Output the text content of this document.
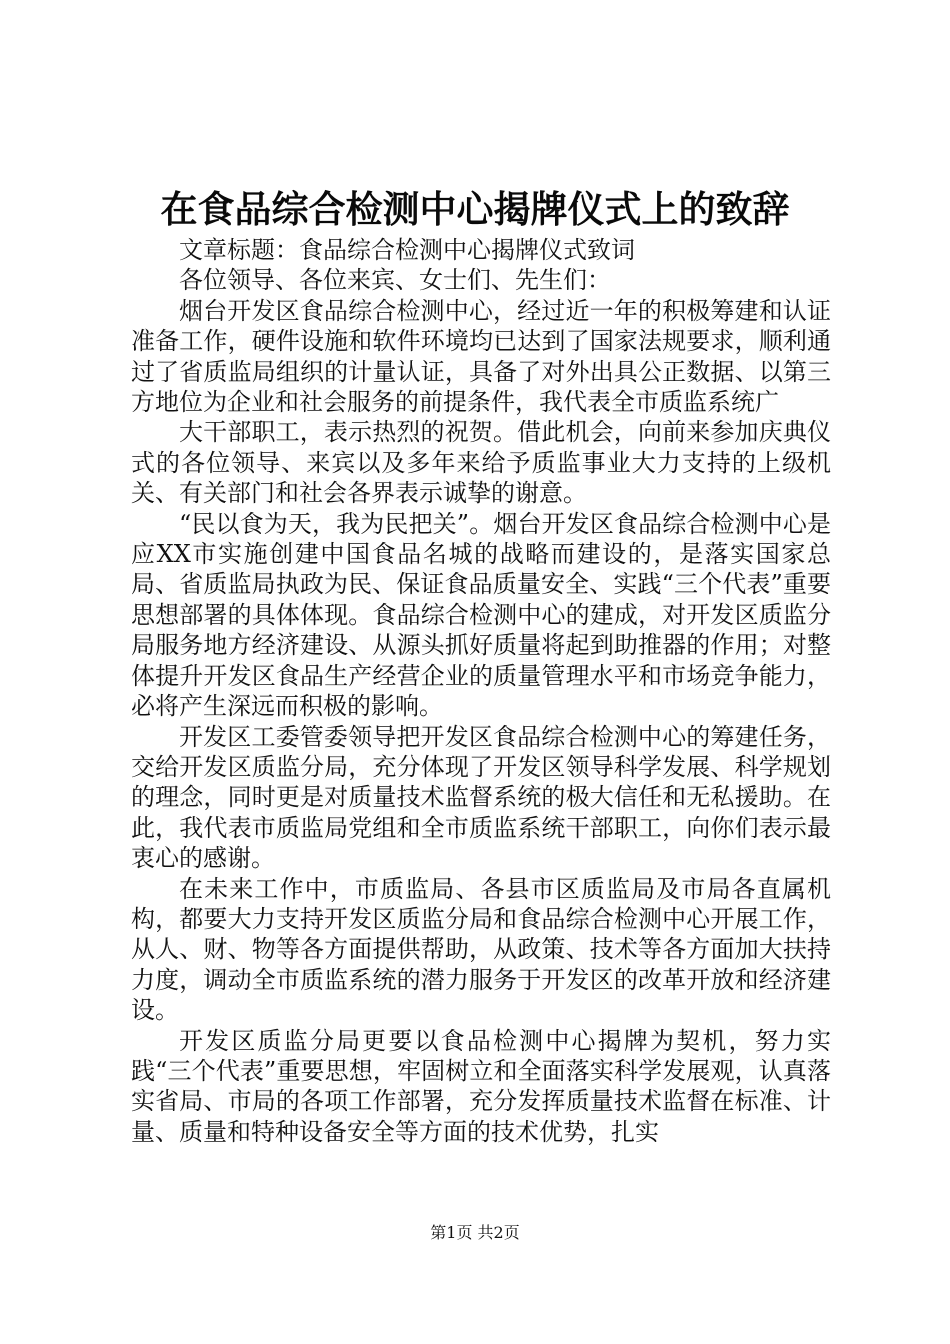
在食品综合检测中心揭牌仪式上的致辞

文章标题：食品综合检测中心揭牌仪式致词

各位领导、各位来宾、女士们、先生们：

烟台开发区食品综合检测中心，经过近一年的积极筹建和认证准备工作，硬件设施和软件环境均已达到了国家法规要求，顺利通过了省质监局组织的计量认证，具备了对外出具公正数据、以第三方地位为企业和社会服务的前提条件，我代表全市质监系统广

大干部职工，表示热烈的祝贺。借此机会，向前来参加庆典仪式的各位领导、来宾以及多年来给予质监事业大力支持的上级机关、有关部门和社会各界表示诚挚的谢意。

“民以食为天，我为民把关”。烟台开发区食品综合检测中心是应XX市实施创建中国食品名城的战略而建设的，是落实国家总局、省质监局执政为民、保证食品质量安全、实践“三个代表”重要思想部署的具体体现。食品综合检测中心的建成，对开发区质监分局服务地方经济建设、从源头抓好质量将起到助推器的作用；对整体提升开发区食品生产经营企业的质量管理水平和市场竞争能力，必将产生深远而积极的影响。

开发区工委管委领导把开发区食品综合检测中心的筹建任务，交给开发区质监分局，充分体现了开发区领导科学发展、科学规划的理念，同时更是对质量技术监督系统的极大信任和无私援助。在此，我代表市质监局党组和全市质监系统干部职工，向你们表示最衷心的感谢。

在未来工作中，市质监局、各县市区质监局及市局各直属机构，都要大力支持开发区质监分局和食品综合检测中心开展工作，从人、财、物等各方面提供帮助，从政策、技术等各方面加大扶持力度，调动全市质监系统的潜力服务于开发区的改革开放和经济建设。

开发区质监分局更要以食品检测中心揭牌为契机，努力实践“三个代表”重要思想，牢固树立和全面落实科学发展观，认真落实省局、市局的各项工作部署，充分发挥质量技术监督在标准、计量、质量和特种设备安全等方面的技术优势，扎实

第1页 共2页
